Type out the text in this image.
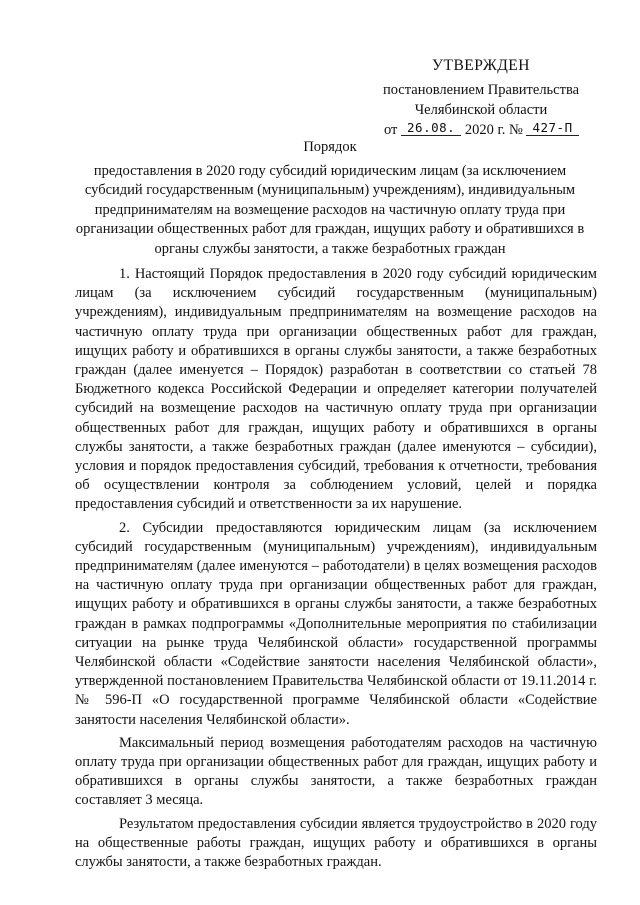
УТВЕРЖДЕН
постановлением Правительства
Челябинской области
от 26.08. 2020 г. № 427-П
Порядок
предоставления в 2020 году субсидий юридическим лицам (за исключением субсидий государственным (муниципальным) учреждениям), индивидуальным предпринимателям на возмещение расходов на частичную оплату труда при организации общественных работ для граждан, ищущих работу и обратившихся в органы службы занятости, а также безработных граждан

1. Настоящий Порядок предоставления в 2020 году субсидий юридическим лицам (за исключением субсидий государственным (муниципальным) учреждениям), индивидуальным предпринимателям на возмещение расходов на частичную оплату труда при организации общественных работ для граждан, ищущих работу и обратившихся в органы службы занятости, а также безработных граждан (далее именуется – Порядок) разработан в соответствии со статьей 78 Бюджетного кодекса Российской Федерации и определяет категории получателей субсидий на возмещение расходов на частичную оплату труда при организации общественных работ для граждан, ищущих работу и обратившихся в органы службы занятости, а также безработных граждан (далее именуются – субсидии), условия и порядок предоставления субсидий, требования к отчетности, требования об осуществлении контроля за соблюдением условий, целей и порядка предоставления субсидий и ответственности за их нарушение.

2. Субсидии предоставляются юридическим лицам (за исключением субсидий государственным (муниципальным) учреждениям), индивидуальным предпринимателям (далее именуются – работодатели) в целях возмещения расходов на частичную оплату труда при организации общественных работ для граждан, ищущих работу и обратившихся в органы службы занятости, а также безработных граждан в рамках подпрограммы «Дополнительные мероприятия по стабилизации ситуации на рынке труда Челябинской области» государственной программы Челябинской области «Содействие занятости населения Челябинской области», утвержденной постановлением Правительства Челябинской области от 19.11.2014 г. № 596-П «О государственной программе Челябинской области «Содействие занятости населения Челябинской области».

Максимальный период возмещения работодателям расходов на частичную оплату труда при организации общественных работ для граждан, ищущих работу и обратившихся в органы службы занятости, а также безработных граждан составляет 3 месяца.

Результатом предоставления субсидии является трудоустройство в 2020 году на общественные работы граждан, ищущих работу и обратившихся в органы службы занятости, а также безработных граждан.
